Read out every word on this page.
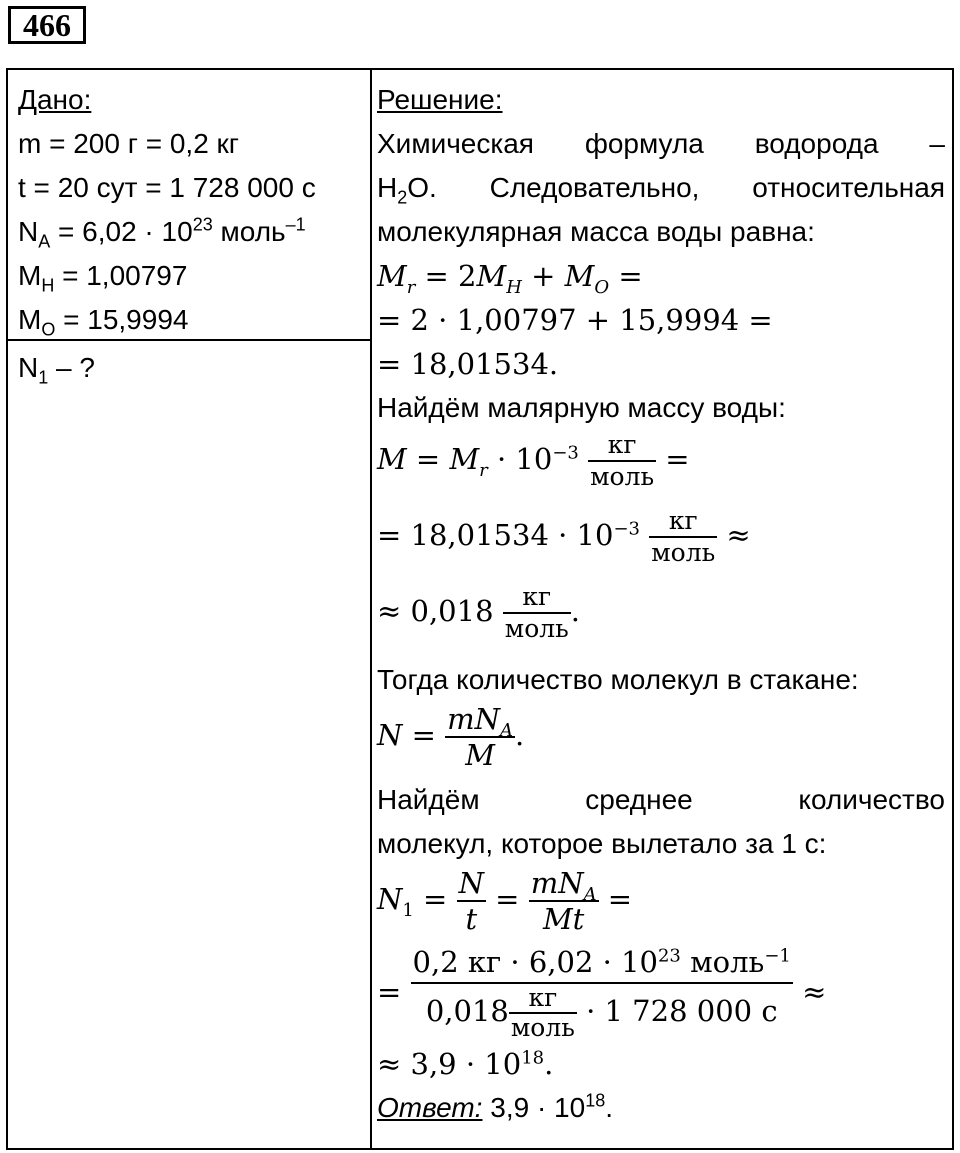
466
Дано:
m = 200 г = 0,2 кг
t = 20 сут = 1 728 000 с
$N_A = 6,02 \cdot 10^{23}$ моль$^{-1}$
$M_H = 1,00797$
$M_O = 15,9994$
$N_1$ – ?
Решение:
Химическая формула водорода –
$H_2O$. Следовательно, относительная
молекулярная масса воды равна:
$M_r = 2M_H + M_O$ =
= 2 · 1,00797 + 15,9994 =
= 18,01534.
Найдём малярную массу воды:
$M = M_r \cdot 10^{-3} \frac{кг}{\text{моль}}$ =
= $18,01534 \cdot 10^{-3} \frac{кг}{\text{моль}}$ ≈
≈ $0,018 \frac{кг}{\text{моль}}$ .
Тогда количество молекул в стакане:
$N = \frac{mN_A}{M}$ .
Найдём среднее количество
молекул, которое вылетало за 1 с:
$N_1 = \frac{N}{t} = \frac{mN_A}{Mt}$ =
= $\frac{0,2 кг \cdot 6,02 \cdot 10^{23} моль^{-1}}{0,018 \frac{кг}{\text{моль}} \cdot 1 728 000 с}$ ≈
≈ $3,9 \cdot 10^{18}$.
Ответ: $3,9 \cdot 10^{18}$.
